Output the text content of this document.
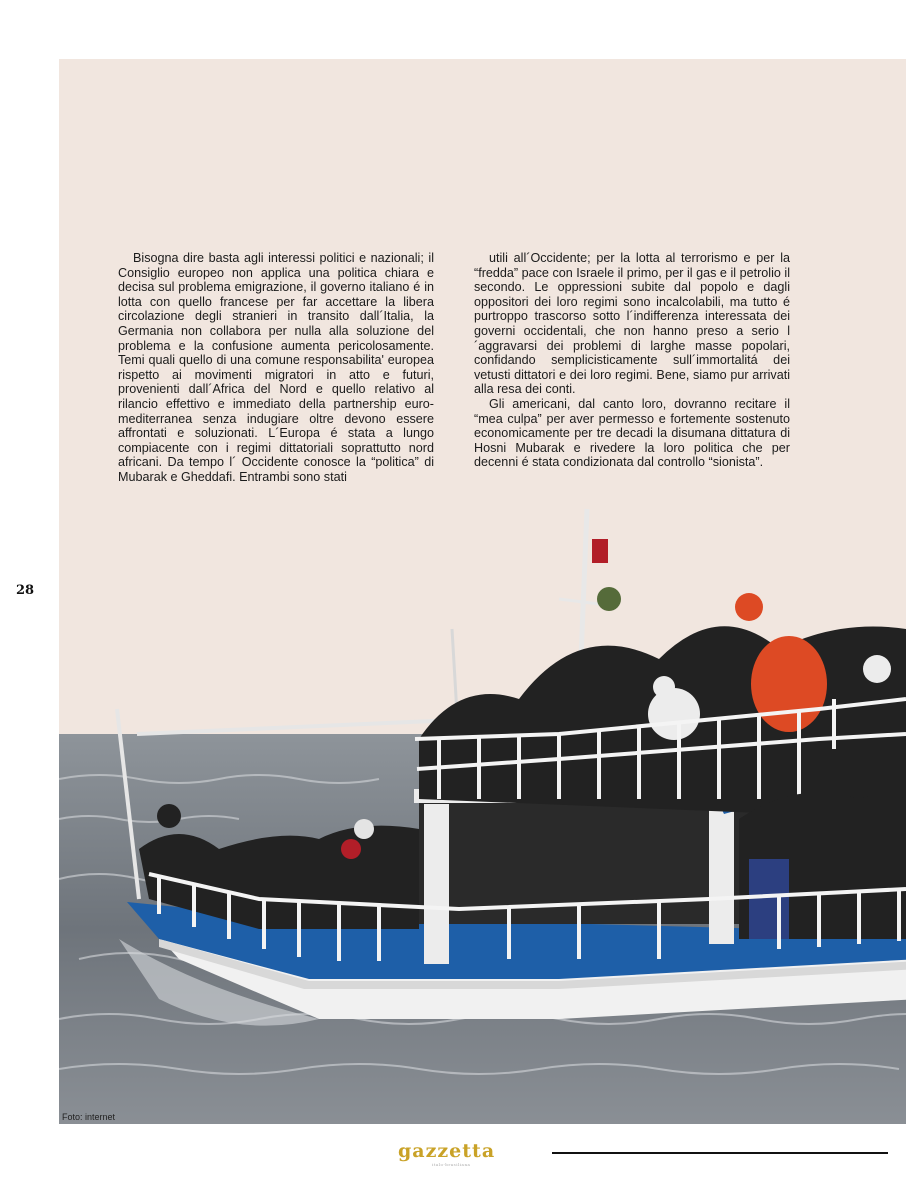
Bisogna dire basta agli interessi politici e nazionali; il Consiglio europeo non applica una politica chiara e decisa sul problema emigrazione, il governo italiano é in lotta con quello francese per far accettare la libera circolazione degli stranieri in transito dall´Italia, la Germania non collabora per nulla alla soluzione del problema e la confusione aumenta pericolosamente. Temi quali quello di una comune responsabilita' europea rispetto ai movimenti migratori in atto e futuri, provenienti dall´Africa del Nord e quello relativo al rilancio effettivo e immediato della partnership euro-mediterranea senza indugiare oltre devono essere affrontati e soluzionati. L´Europa é stata a lungo compiacente con i regimi dittatoriali soprattutto nord africani. Da tempo l´ Occidente conosce la “politica” di Mubarak e Gheddafi. Entrambi sono stati

utili all´Occidente; per la lotta al terrorismo e per la “fredda” pace con Israele il primo, per il gas e il petrolio il secondo. Le oppressioni subite dal popolo e dagli oppositori dei loro regimi sono incalcolabili, ma tutto é purtroppo trascorso sotto l´indifferenza interessata dei governi occidentali, che non hanno preso a serio l´aggravarsi dei problemi di larghe masse popolari, confidando semplicisticamente sull´immortalitá dei vetusti dittatori e dei loro regimi. Bene, siamo pur arrivati alla resa dei conti.

Gli americani, dal canto loro, dovranno recitare il “mea culpa” per aver permesso e fortemente sostenuto economicamente per tre decadi la disumana dittatura di Hosni Mubarak e rivedere la loro politica che per decenni é stata condizionata dal controllo “sionista”.

28
Foto: internet
gazzetta
italo-brasiliana
